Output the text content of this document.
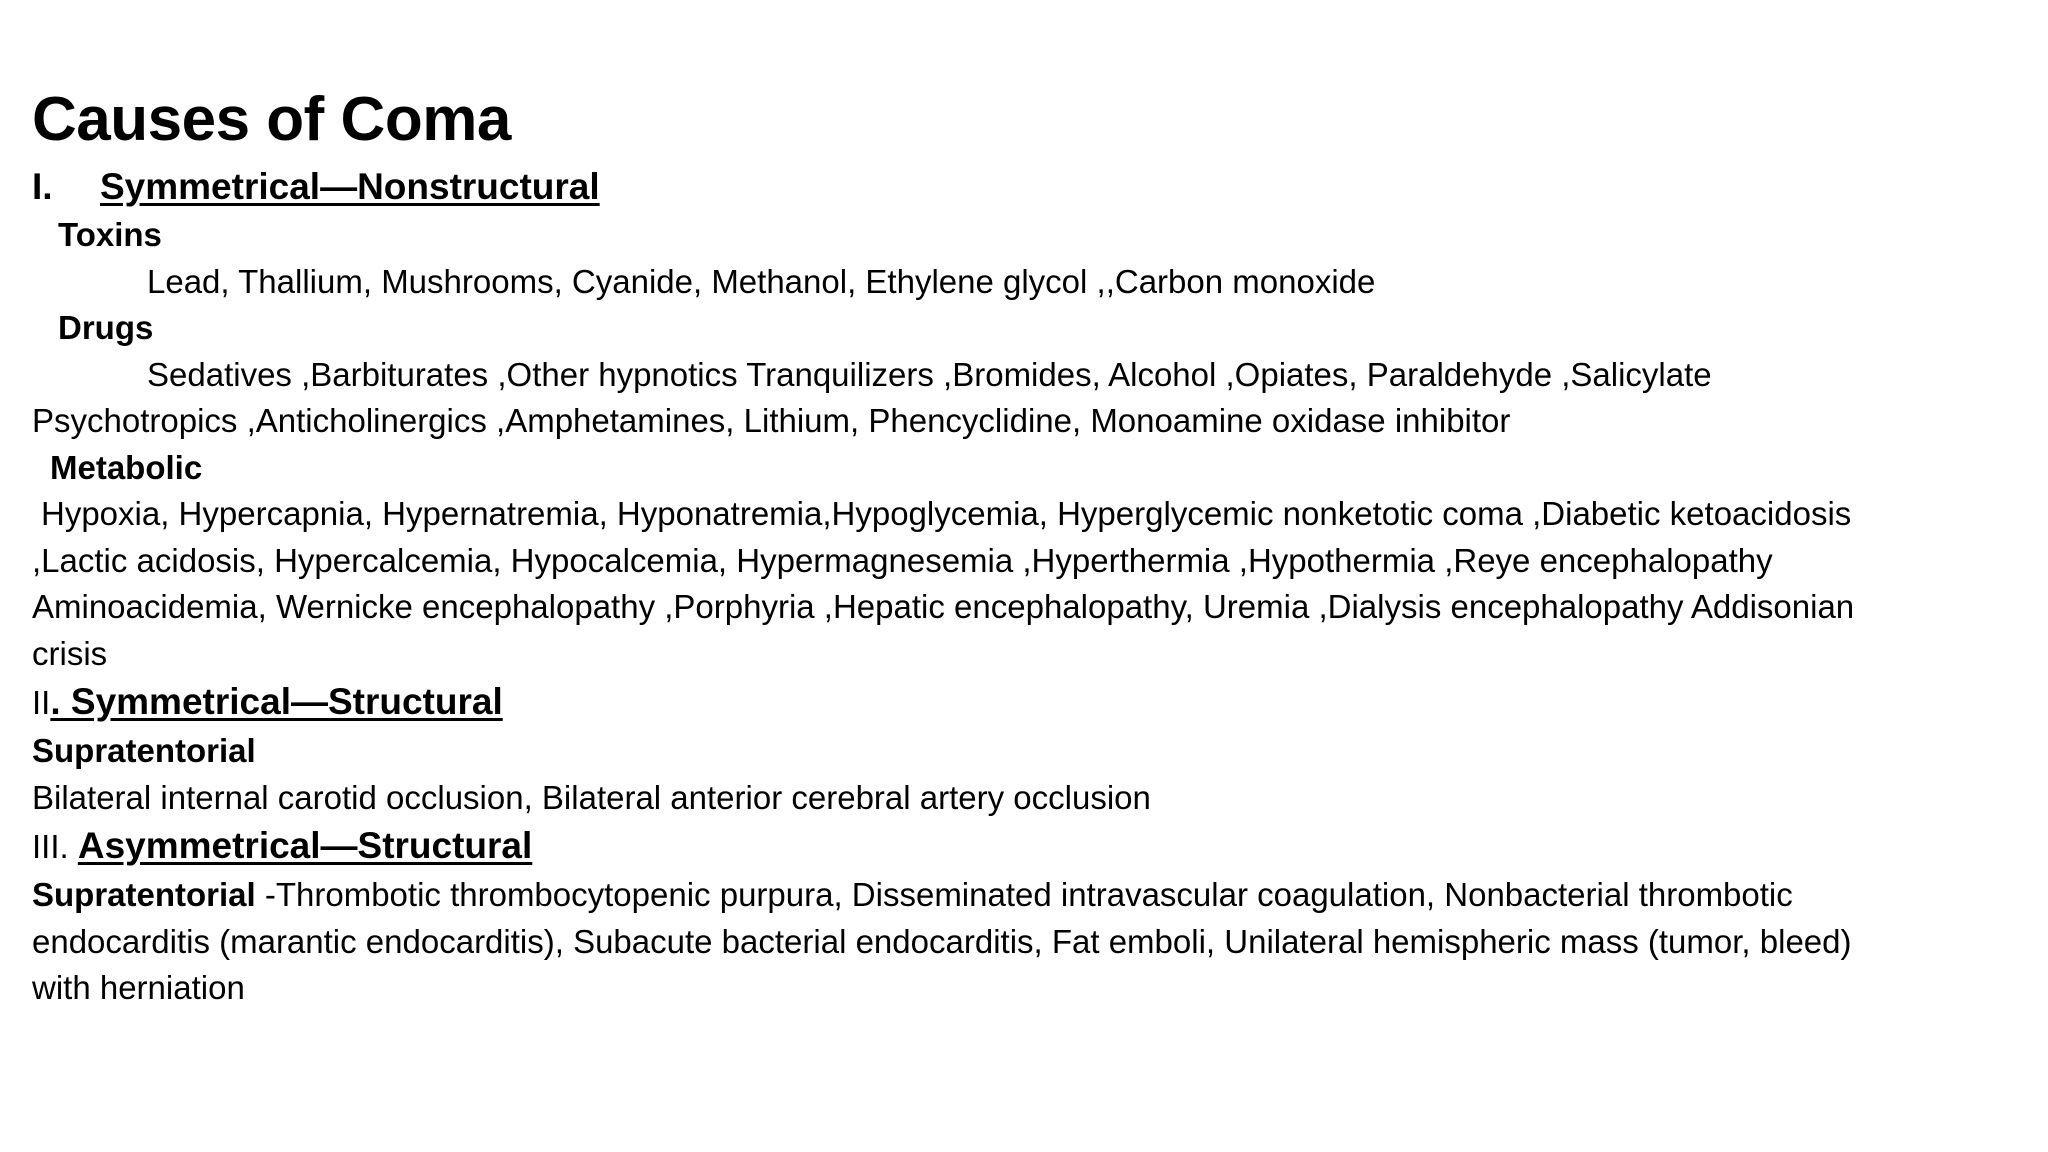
Causes of Coma
I. Symmetrical—Nonstructural
Toxins
Lead, Thallium, Mushrooms, Cyanide, Methanol, Ethylene glycol ,,Carbon monoxide
Drugs
Sedatives ,Barbiturates ,Other hypnotics Tranquilizers ,Bromides, Alcohol ,Opiates, Paraldehyde ,Salicylate
Psychotropics ,Anticholinergics ,Amphetamines, Lithium, Phencyclidine, Monoamine oxidase inhibitor
Metabolic
Hypoxia, Hypercapnia, Hypernatremia, Hyponatremia,Hypoglycemia, Hyperglycemic nonketotic coma ,Diabetic ketoacidosis
,Lactic acidosis, Hypercalcemia, Hypocalcemia, Hypermagnesemia ,Hyperthermia ,Hypothermia ,Reye encephalopathy
Aminoacidemia, Wernicke encephalopathy ,Porphyria ,Hepatic encephalopathy, Uremia ,Dialysis encephalopathy Addisonian
crisis
II. Symmetrical—Structural
Supratentorial
Bilateral internal carotid occlusion, Bilateral anterior cerebral artery occlusion
III. Asymmetrical—Structural
Supratentorial -Thrombotic thrombocytopenic purpura, Disseminated intravascular coagulation, Nonbacterial thrombotic
endocarditis (marantic endocarditis), Subacute bacterial endocarditis, Fat emboli, Unilateral hemispheric mass (tumor, bleed)
with herniation
